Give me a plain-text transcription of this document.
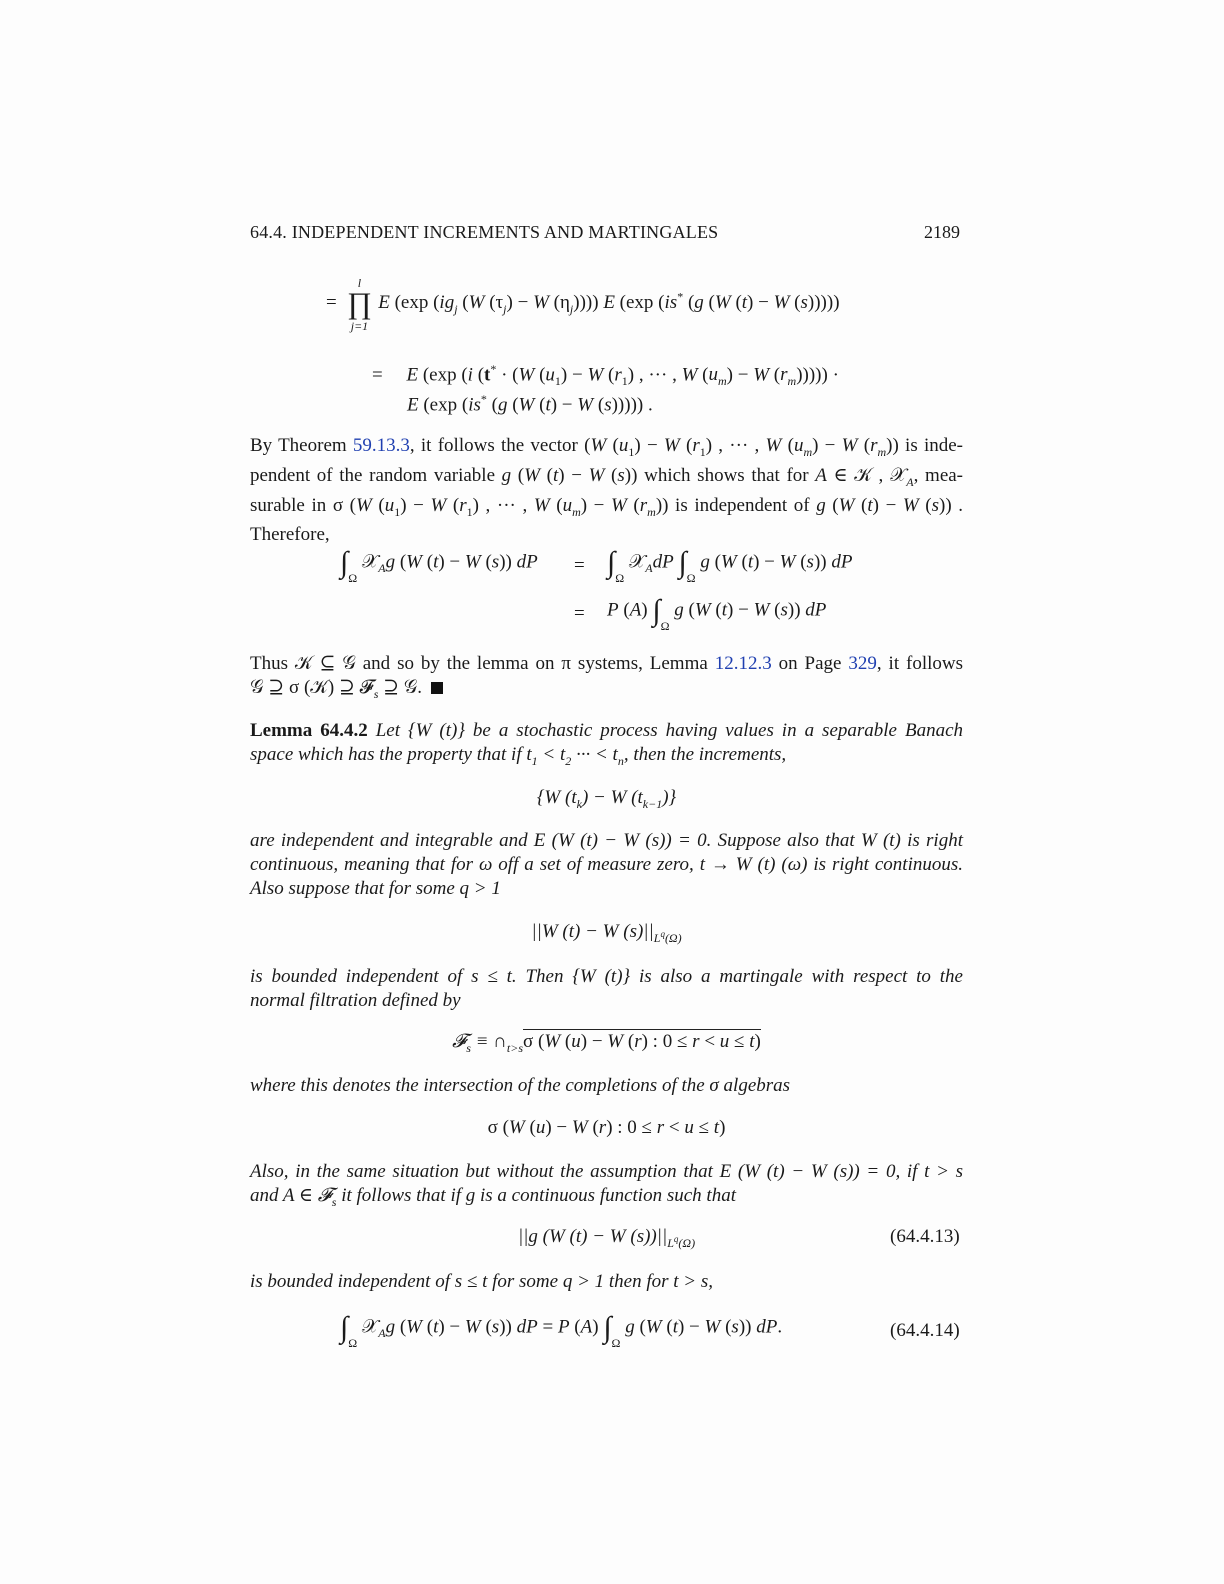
64.4. INDEPENDENT INCREMENTS AND MARTINGALES	2189
=
l
∏
j=1
E (exp ($ig_j$ (W $(\tau_j) - W$ $(\eta_j)$))) E (exp (is* (g (W (t) − W (s)))))
=     E (exp (i (t* · (W $(u_1) - W$ $(r_1)$ , ··· , W $(u_m) - W$ $(r_m)$)))) ·
E (exp (is* (g (W (t) − W (s))))) .
By Theorem 59.13.3, it follows the vector (W $(u_1) - W$ $(r_1)$ , ··· , W $(u_m) - W$ $(r_m)$) is inde-
pendent of the random variable g (W (t) − W (s)) which shows that for A ∈ 𝒦 , 𝒳$_A$, mea-
surable in σ (W $(u_1) - W$ $(r_1)$ , ··· , W $(u_m) - W$ $(r_m)$) is independent of g (W (t) − W (s)) .
Therefore,
$\int_\Omega$ 𝒳$_A$g (W (t) − W (s)) dP = $\int_\Omega$ 𝒳$_A$dP $\int_\Omega$ g (W (t) − W (s)) dP
= P (A) $\int_\Omega$ g (W (t) − W (s)) dP
Thus 𝒦 ⊆ 𝒢 and so by the lemma on π systems, Lemma 12.12.3 on Page 329, it follows
𝒢 ⊇ σ (𝒦) ⊇ 𝓕$_s$ ⊇ 𝒢.
Lemma 64.4.2 Let {W (t)} be a stochastic process having values in a separable Banach
space which has the property that if $t_1 < t_2$ ··· < $t_n$, then the increments,
{W $(t_k) - W$ $(t_{k-1})$}
are independent and integrable and E (W (t) − W (s)) = 0. Suppose also that W (t) is right
continuous, meaning that for ω off a set of measure zero, t → W (t) (ω) is right continuous.
Also suppose that for some q > 1
||W (t) − W $(s)||_{L^q(\Omega)}$
is bounded independent of s ≤ t. Then {W (t)} is also a martingale with respect to the
normal filtration defined by
𝓕$_s$ ≡ $\cap_{t>s}\sigma$ (W (u) − W (r) : 0 ≤ r < u ≤ t)
where this denotes the intersection of the completions of the σ algebras
σ (W (u) − W (r) : 0 ≤ r < u ≤ t)
Also, in the same situation but without the assumption that E (W (t) − W (s)) = 0, if t > s
and A ∈ 𝓕$_s$ it follows that if g is a continuous function such that
||g (W (t) − W $(s))||_{L^q(\Omega)}$	(64.4.13)
is bounded independent of s ≤ t for some q > 1 then for t > s,
$\int_\Omega$ 𝒳$_A$g (W (t) − W (s)) dP = P (A) $\int_\Omega$ g (W (t) − W (s)) dP.	(64.4.14)
